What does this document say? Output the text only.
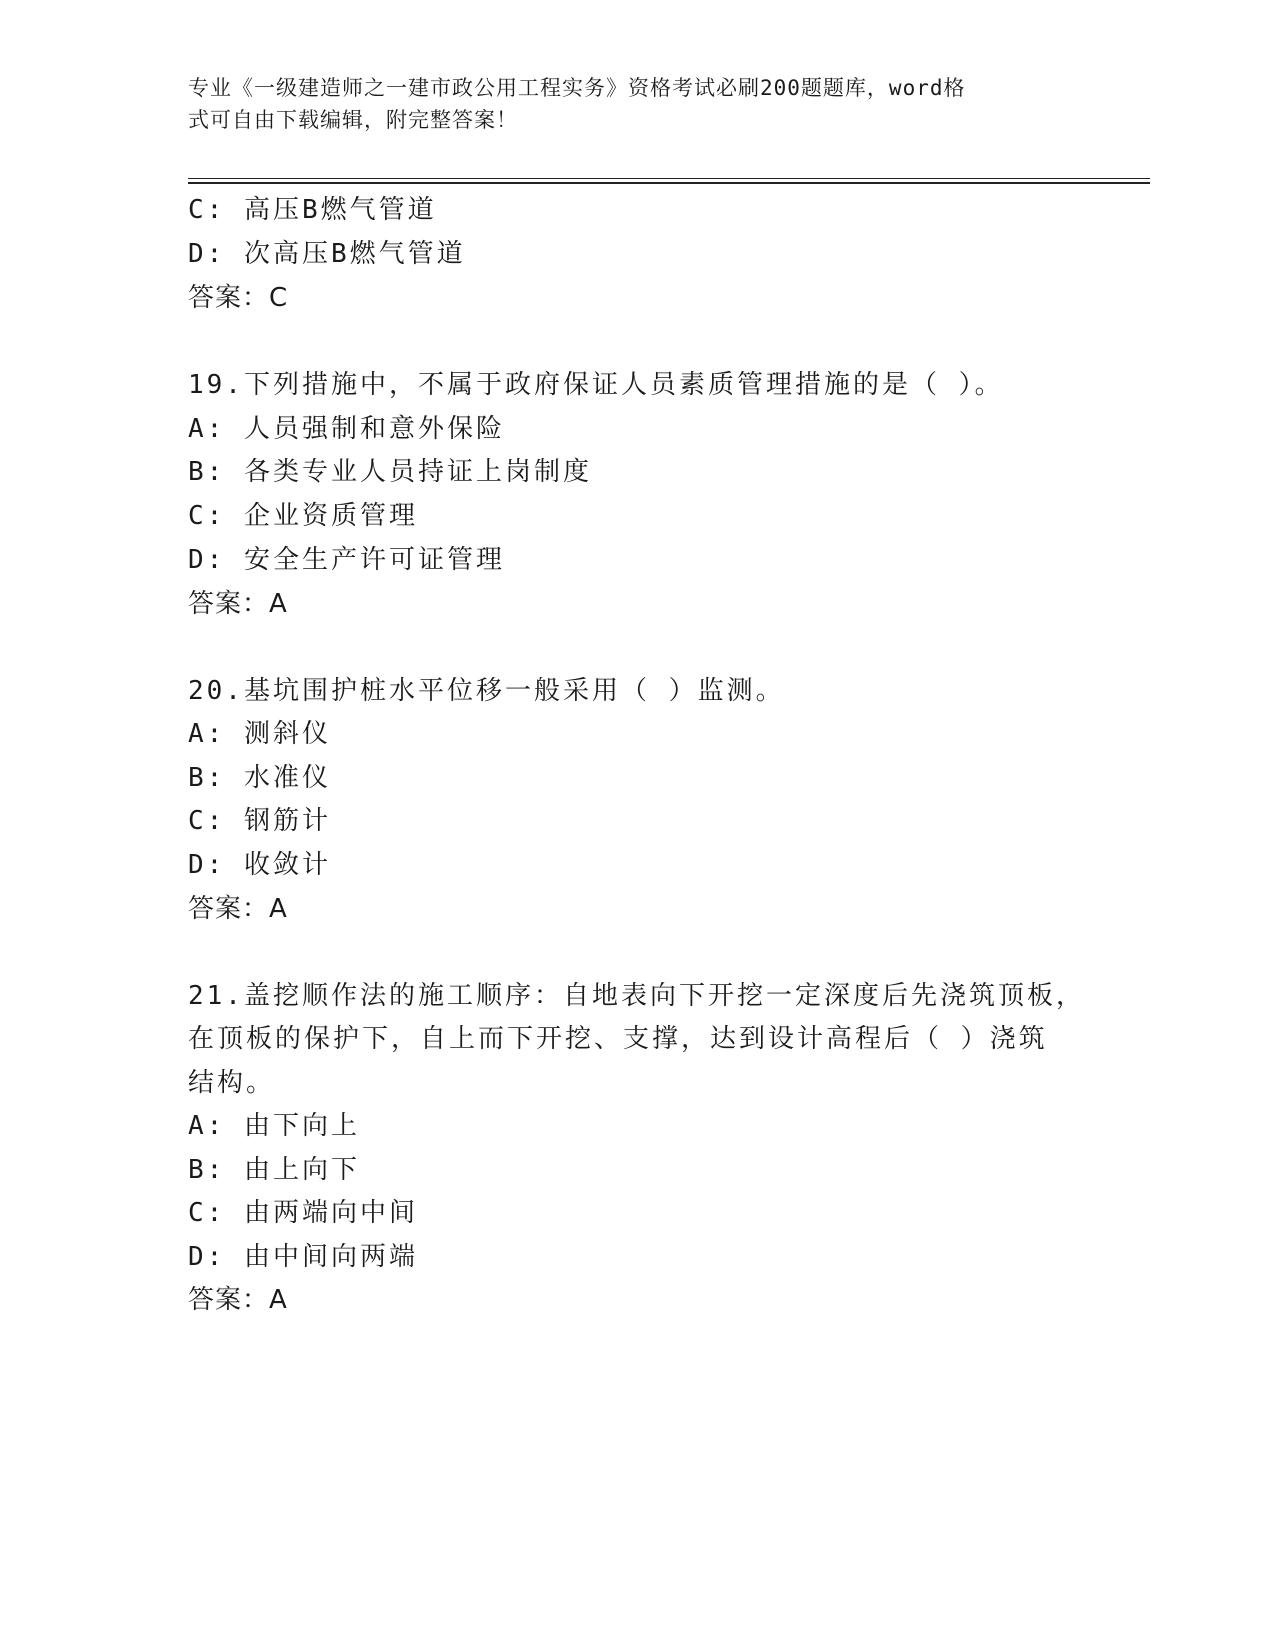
专业《一级建造师之一建市政公用工程实务》资格考试必刷200题题库，word格
式可自由下载编辑，附完整答案！
C: 高压B燃气管道
D: 次高压B燃气管道
答案：C
19.下列措施中，不属于政府保证人员素质管理措施的是（ ）。
A: 人员强制和意外保险
B: 各类专业人员持证上岗制度
C: 企业资质管理
D: 安全生产许可证管理
答案：A
20.基坑围护桩水平位移一般采用（ ）监测。
A: 测斜仪
B: 水准仪
C: 钢筋计
D: 收敛计
答案：A
21.盖挖顺作法的施工顺序：自地表向下开挖一定深度后先浇筑顶板，
在顶板的保护下，自上而下开挖、支撑，达到设计高程后（ ）浇筑
结构。
A: 由下向上
B: 由上向下
C: 由两端向中间
D: 由中间向两端
答案：A
